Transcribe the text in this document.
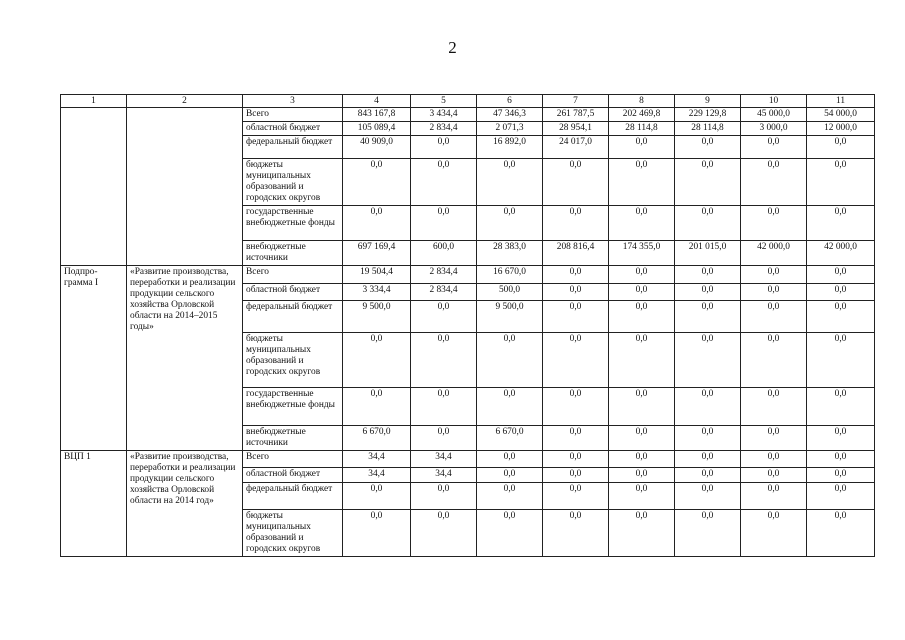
2
1	2	3	4	5	6	7	8	9	10	11
		Всего	843 167,8	3 434,4	47 346,3	261 787,5	202 469,8	229 129,8	45 000,0	54 000,0
		областной бюджет	105 089,4	2 834,4	2 071,3	28 954,1	28 114,8	28 114,8	3 000,0	12 000,0
		федеральный бюджет	40 909,0	0,0	16 892,0	24 017,0	0,0	0,0	0,0	0,0
		бюджеты муниципальных образований и городских округов	0,0	0,0	0,0	0,0	0,0	0,0	0,0	0,0
		государственные внебюджетные фонды	0,0	0,0	0,0	0,0	0,0	0,0	0,0	0,0
		внебюджетные источники	697 169,4	600,0	28 383,0	208 816,4	174 355,0	201 015,0	42 000,0	42 000,0
Подпро-грамма I	«Развитие производства, переработки и реализации продукции сельского хозяйства Орловской области на 2014–2015 годы»	Всего	19 504,4	2 834,4	16 670,0	0,0	0,0	0,0	0,0	0,0
		областной бюджет	3 334,4	2 834,4	500,0	0,0	0,0	0,0	0,0	0,0
		федеральный бюджет	9 500,0	0,0	9 500,0	0,0	0,0	0,0	0,0	0,0
		бюджеты муниципальных образований и городских округов	0,0	0,0	0,0	0,0	0,0	0,0	0,0	0,0
		государственные внебюджетные фонды	0,0	0,0	0,0	0,0	0,0	0,0	0,0	0,0
		внебюджетные источники	6 670,0	0,0	6 670,0	0,0	0,0	0,0	0,0	0,0
ВЦП 1	«Развитие производства, переработки и реализации продукции сельского хозяйства Орловской области на 2014 год»	Всего	34,4	34,4	0,0	0,0	0,0	0,0	0,0	0,0
		областной бюджет	34,4	34,4	0,0	0,0	0,0	0,0	0,0	0,0
		федеральный бюджет	0,0	0,0	0,0	0,0	0,0	0,0	0,0	0,0
		бюджеты муниципальных образований и городских округов	0,0	0,0	0,0	0,0	0,0	0,0	0,0	0,0
